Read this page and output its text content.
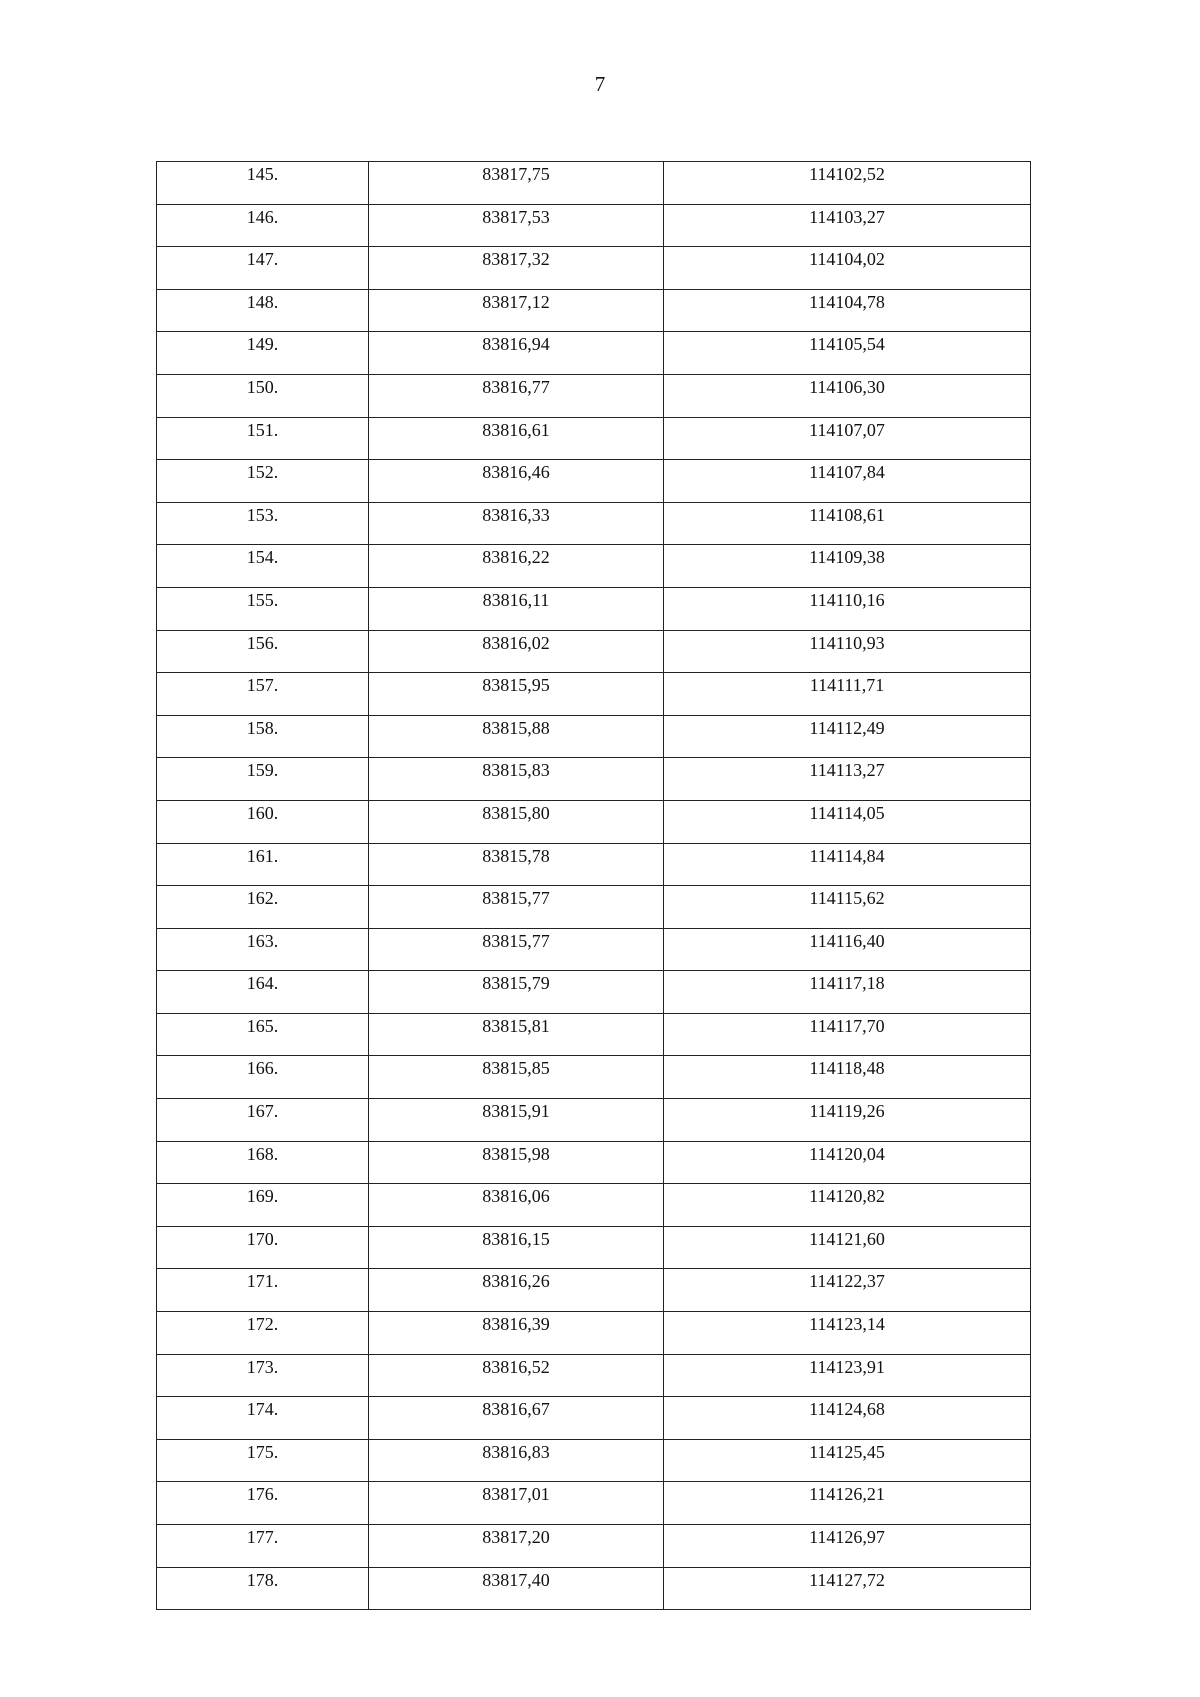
7
145.	83817,75	114102,52
146.	83817,53	114103,27
147.	83817,32	114104,02
148.	83817,12	114104,78
149.	83816,94	114105,54
150.	83816,77	114106,30
151.	83816,61	114107,07
152.	83816,46	114107,84
153.	83816,33	114108,61
154.	83816,22	114109,38
155.	83816,11	114110,16
156.	83816,02	114110,93
157.	83815,95	114111,71
158.	83815,88	114112,49
159.	83815,83	114113,27
160.	83815,80	114114,05
161.	83815,78	114114,84
162.	83815,77	114115,62
163.	83815,77	114116,40
164.	83815,79	114117,18
165.	83815,81	114117,70
166.	83815,85	114118,48
167.	83815,91	114119,26
168.	83815,98	114120,04
169.	83816,06	114120,82
170.	83816,15	114121,60
171.	83816,26	114122,37
172.	83816,39	114123,14
173.	83816,52	114123,91
174.	83816,67	114124,68
175.	83816,83	114125,45
176.	83817,01	114126,21
177.	83817,20	114126,97
178.	83817,40	114127,72
